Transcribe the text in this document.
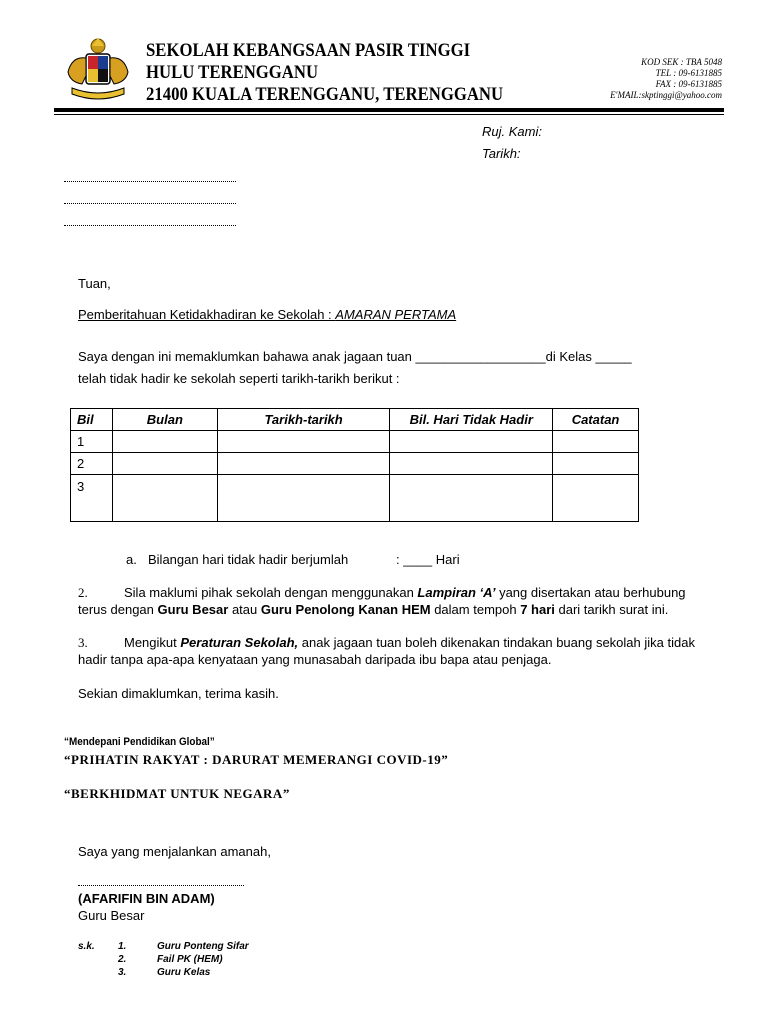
SEKOLAH KEBANGSAAN PASIR TINGGI
HULU TERENGGANU
21400 KUALA TERENGGANU, TERENGGANU
KOD SEK : TBA 5048
TEL : 09-6131885
FAX : 09-6131885
E'MAIL:skptinggi@yahoo.com
Ruj. Kami:
Tarikh:
Tuan,
Pemberitahuan Ketidakhadiran ke Sekolah : AMARAN PERTAMA
Saya dengan ini memaklumkan bahawa anak jagaan tuan __________________di Kelas _____
telah tidak hadir ke sekolah seperti tarikh-tarikh berikut :
Bil	Bulan	Tarikh-tarikh	Bil. Hari Tidak Hadir	Catatan
1				
2				
3				
a. Bilangan hari tidak hadir berjumlah	: ____ Hari
2.	Sila maklumi pihak sekolah dengan menggunakan Lampiran ‘A’ yang disertakan atau berhubung
terus dengan Guru Besar atau Guru Penolong Kanan HEM dalam tempoh 7 hari dari tarikh surat ini.
3.	Mengikut Peraturan Sekolah, anak jagaan tuan boleh dikenakan tindakan buang sekolah jika tidak
hadir tanpa apa-apa kenyataan yang munasabah daripada ibu bapa atau penjaga.
Sekian dimaklumkan, terima kasih.
“Mendepani Pendidikan Global”
“PRIHATIN RAKYAT : DARURAT MEMERANGI COVID-19”
“BERKHIDMAT UNTUK NEGARA”
Saya yang menjalankan amanah,
(AFARIFIN BIN ADAM)
Guru Besar
s.k. 1.	Guru Ponteng Sifar
2.	Fail PK (HEM)
3.	Guru Kelas
